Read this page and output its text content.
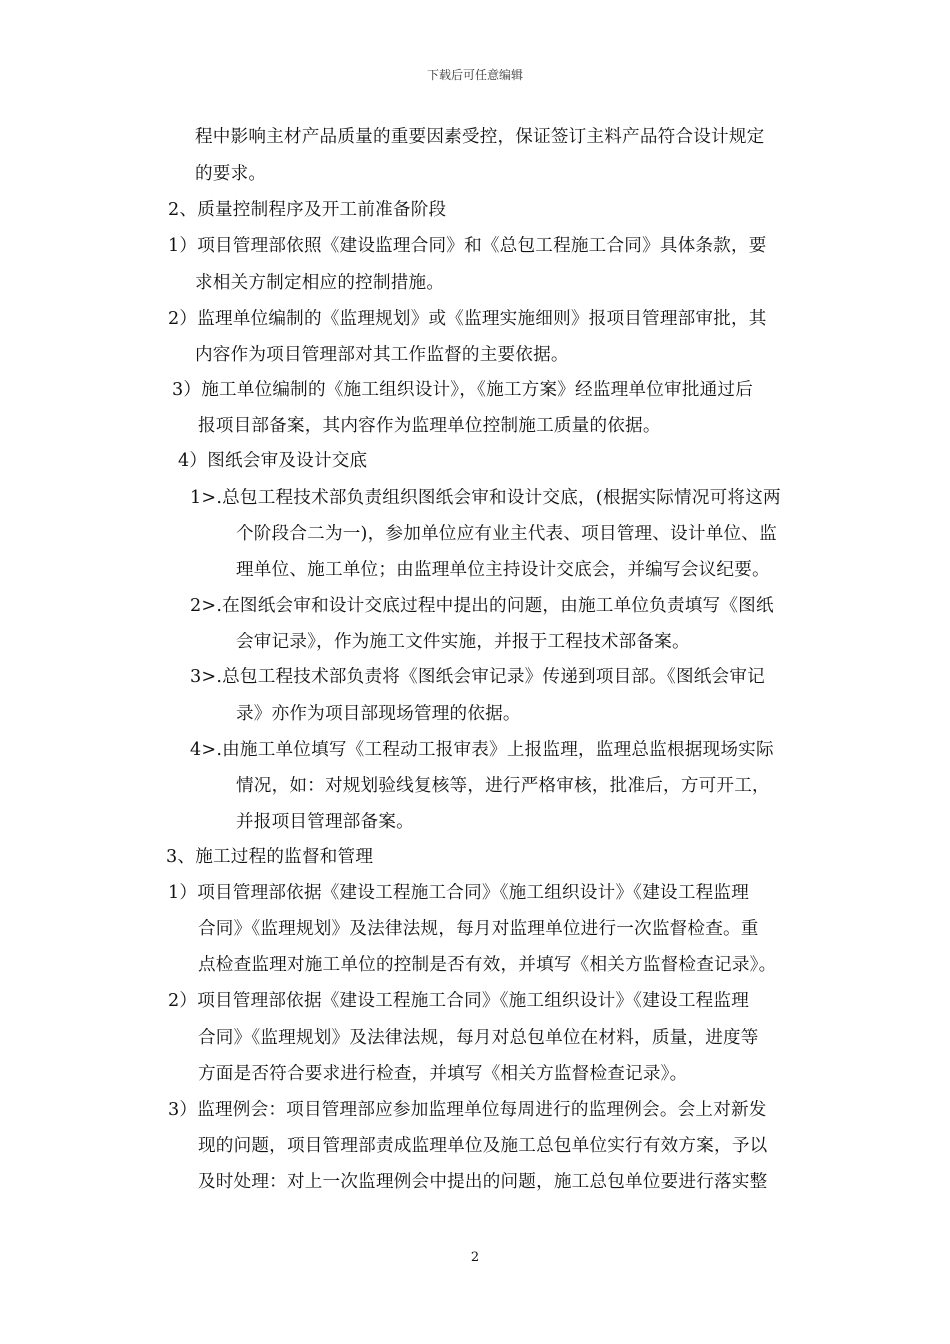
下载后可任意编辑
程中影响主材产品质量的重要因素受控，保证签订主料产品符合设计规定
的要求。
2、质量控制程序及开工前准备阶段
1）项目管理部依照《建设监理合同》和《总包工程施工合同》具体条款，要
求相关方制定相应的控制措施。
2）监理单位编制的《监理规划》或《监理实施细则》报项目管理部审批，其
内容作为项目管理部对其工作监督的主要依据。
3）施工单位编制的《施工组织设计》，《施工方案》经监理单位审批通过后
报项目部备案，其内容作为监理单位控制施工质量的依据。
4）图纸会审及设计交底
1>.总包工程技术部负责组织图纸会审和设计交底，(根据实际情况可将这两
个阶段合二为一)，参加单位应有业主代表、项目管理、设计单位、监
理单位、施工单位；由监理单位主持设计交底会，并编写会议纪要。
2>.在图纸会审和设计交底过程中提出的问题，由施工单位负责填写《图纸
会审记录》，作为施工文件实施，并报于工程技术部备案。
3>.总包工程技术部负责将《图纸会审记录》传递到项目部。《图纸会审记
录》亦作为项目部现场管理的依据。
4>.由施工单位填写《工程动工报审表》上报监理，监理总监根据现场实际
情况，如：对规划验线复核等，进行严格审核，批准后，方可开工，
并报项目管理部备案。
3、施工过程的监督和管理
1）项目管理部依据《建设工程施工合同》《施工组织设计》《建设工程监理
合同》《监理规划》及法律法规，每月对监理单位进行一次监督检查。重
点检查监理对施工单位的控制是否有效，并填写《相关方监督检查记录》。
2）项目管理部依据《建设工程施工合同》《施工组织设计》《建设工程监理
合同》《监理规划》及法律法规，每月对总包单位在材料，质量，进度等
方面是否符合要求进行检查，并填写《相关方监督检查记录》。
3）监理例会：项目管理部应参加监理单位每周进行的监理例会。会上对新发
现的问题，项目管理部责成监理单位及施工总包单位实行有效方案，予以
及时处理：对上一次监理例会中提出的问题，施工总包单位要进行落实整
2
